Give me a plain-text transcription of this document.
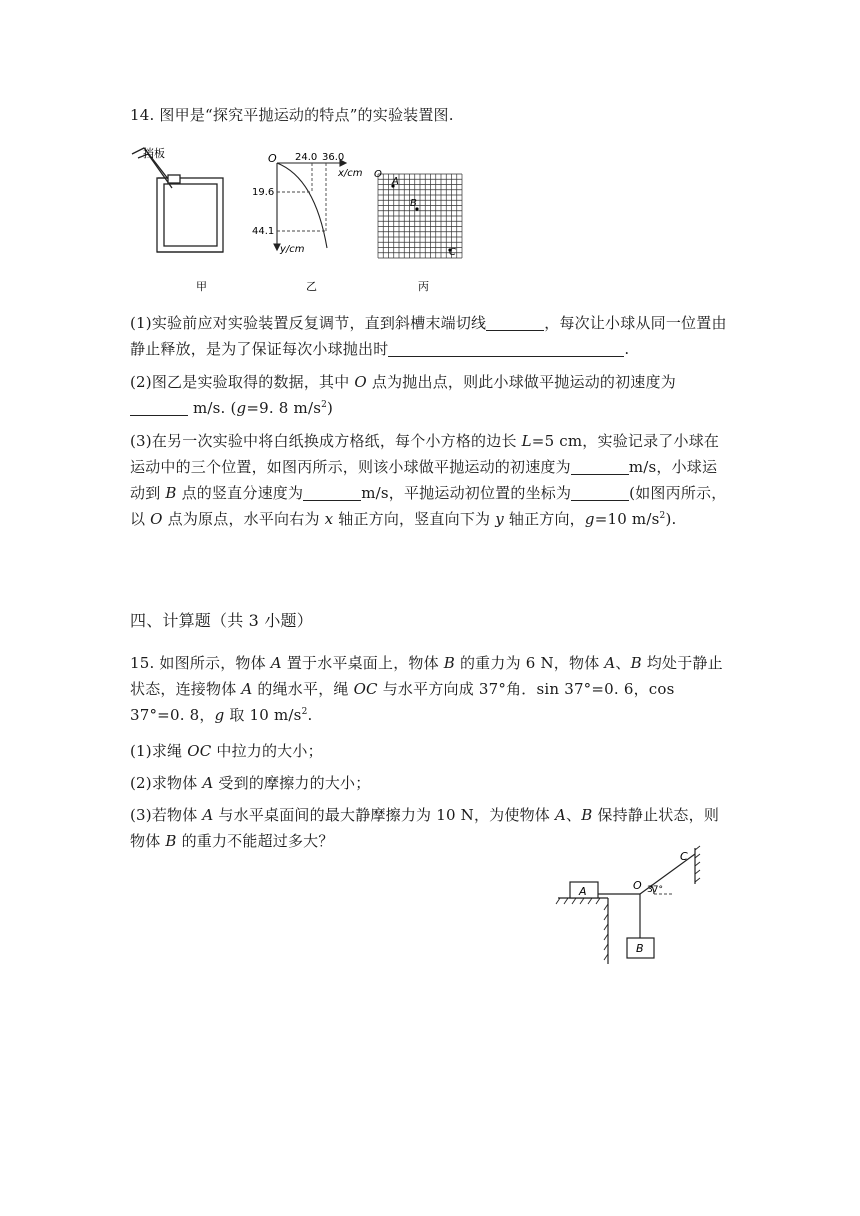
14. 图甲是“探究平抛运动的特点”的实验装置图.

挡板
甲
O 24.0 36.0
x/cm
19.6
44.1
y/cm
乙
O
A
B
C
丙

(1)实验前应对实验装置反复调节，直到斜槽末端切线	，每次让小球从同一位置由静止释放，是为了保证每次小球抛出时	.

(2)图乙是实验取得的数据，其中 O 点为抛出点，则此小球做平抛运动的初速度为
m/s. (g=9. 8 $m/s^2$)

(3)在另一次实验中将白纸换成方格纸，每个小方格的边长 L=5 cm，实验记录了小球在运动中的三个位置，如图丙所示，则该小球做平抛运动的初速度为	m/s，小球运动到 B 点的竖直分速度为	m/s，平抛运动初位置的坐标为	(如图丙所示，以 O 点为原点，水平向右为 x 轴正方向，竖直向下为 y 轴正方向，g=10 $m/s^2$).

四、计算题（共 3 小题）

15. 如图所示，物体 A 置于水平桌面上，物体 B 的重力为 6 N，物体 A、B 均处于静止状态，连接物体 A 的绳水平，绳 OC 与水平方向成 37°角．sin 37°=0. 6，cos 37°=0. 8，g 取 10 $m/s^2$.

(1)求绳 OC 中拉力的大小；

(2)求物体 A 受到的摩擦力的大小；

(3)若物体 A 与水平桌面间的最大静摩擦力为 10 N，为使物体 A、B 保持静止状态，则物体 B 的重力不能超过多大？

A
B
O
C
37°
